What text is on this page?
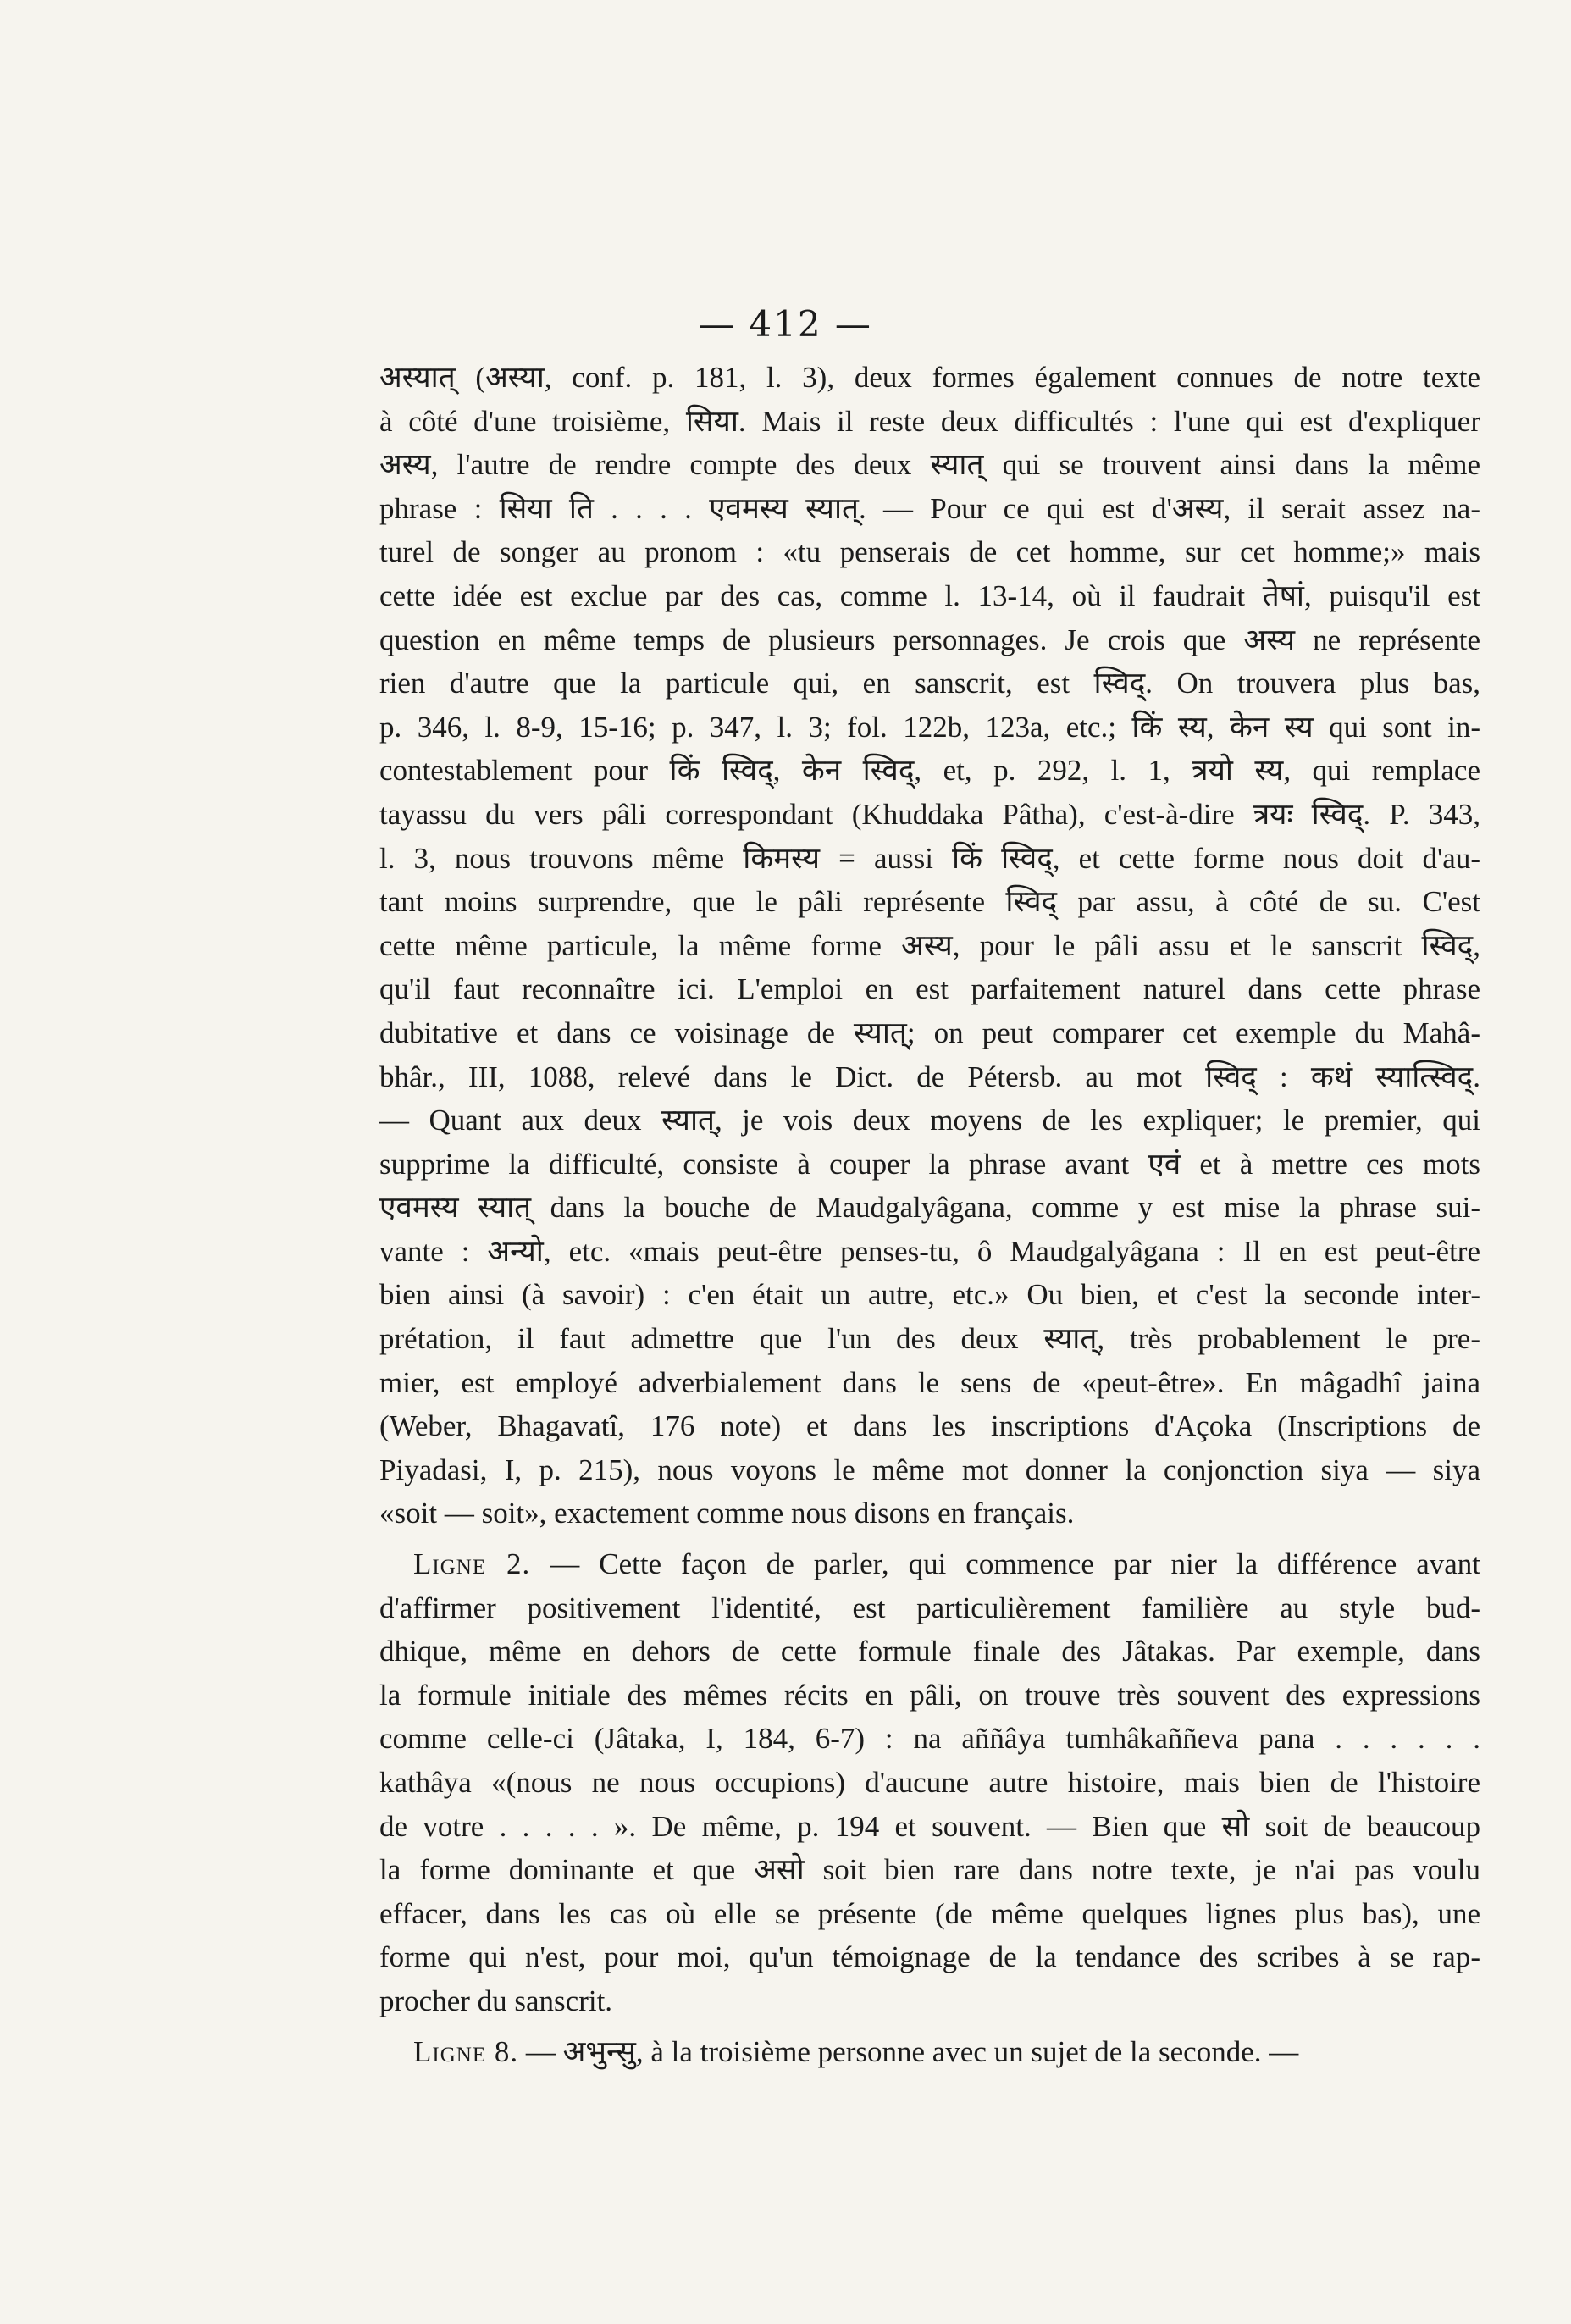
— 412 —

अस्यात् (अस्या, conf. p. 181, l. 3), deux formes également connues de notre texte

à côté d'une troisième, सिया. Mais il reste deux difficultés : l'une qui est d'expliquer

अस्य, l'autre de rendre compte des deux स्यात् qui se trouvent ainsi dans la même

phrase : सिया ति . . . . एवमस्य स्यात्. — Pour ce qui est d'अस्य, il serait assez na-

turel de songer au pronom : «tu penserais de cet homme, sur cet homme;» mais

cette idée est exclue par des cas, comme l. 13-14, où il faudrait तेषां, puisqu'il est

question en même temps de plusieurs personnages. Je crois que अस्य ne représente

rien d'autre que la particule qui, en sanscrit, est स्विद्. On trouvera plus bas,

p. 346, l. 8-9, 15-16; p. 347, l. 3; fol. 122b, 123a, etc.; किं स्य, केन स्य qui sont in-

contestablement pour किं स्विद्, केन स्विद्, et, p. 292, l. 1, त्रयो स्य, qui remplace

tayassu du vers pâli correspondant (Khuddaka Pâtha), c'est-à-dire त्रयः स्विद्. P. 343,

l. 3, nous trouvons même किमस्य = aussi किं स्विद्, et cette forme nous doit d'au-

tant moins surprendre, que le pâli représente स्विद् par assu, à côté de su. C'est

cette même particule, la même forme अस्य, pour le pâli assu et le sanscrit स्विद्,

qu'il faut reconnaître ici. L'emploi en est parfaitement naturel dans cette phrase

dubitative et dans ce voisinage de स्यात्; on peut comparer cet exemple du Mahâ-

bhâr., III, 1088, relevé dans le Dict. de Pétersb. au mot स्विद् : कथं स्यात्स्विद्.

— Quant aux deux स्यात्, je vois deux moyens de les expliquer; le premier, qui

supprime la difficulté, consiste à couper la phrase avant एवं et à mettre ces mots

एवमस्य स्यात् dans la bouche de Maudgalyâgana, comme y est mise la phrase sui-

vante : अन्यो, etc. «mais peut-être penses-tu, ô Maudgalyâgana : Il en est peut-être

bien ainsi (à savoir) : c'en était un autre, etc.» Ou bien, et c'est la seconde inter-

prétation, il faut admettre que l'un des deux स्यात्, très probablement le pre-

mier, est employé adverbialement dans le sens de «peut-être». En mâgadhî jaina

(Weber, Bhagavatî, 176 note) et dans les inscriptions d'Açoka (Inscriptions de

Piyadasi, I, p. 215), nous voyons le même mot donner la conjonction siya — siya

«soit — soit», exactement comme nous disons en français.

Ligne 2. — Cette façon de parler, qui commence par nier la différence avant

d'affirmer positivement l'identité, est particulièrement familière au style bud-

dhique, même en dehors de cette formule finale des Jâtakas. Par exemple, dans

la formule initiale des mêmes récits en pâli, on trouve très souvent des expressions

comme celle-ci (Jâtaka, I, 184, 6-7) : na aññâya tumhâkaññeva pana . . . . . .

kathâya «(nous ne nous occupions) d'aucune autre histoire, mais bien de l'histoire

de votre . . . . . ». De même, p. 194 et souvent. — Bien que सो soit de beaucoup

la forme dominante et que असो soit bien rare dans notre texte, je n'ai pas voulu

effacer, dans les cas où elle se présente (de même quelques lignes plus bas), une

forme qui n'est, pour moi, qu'un témoignage de la tendance des scribes à se rap-

procher du sanscrit.

Ligne 8. — अभुन्सु, à la troisième personne avec un sujet de la seconde. —
